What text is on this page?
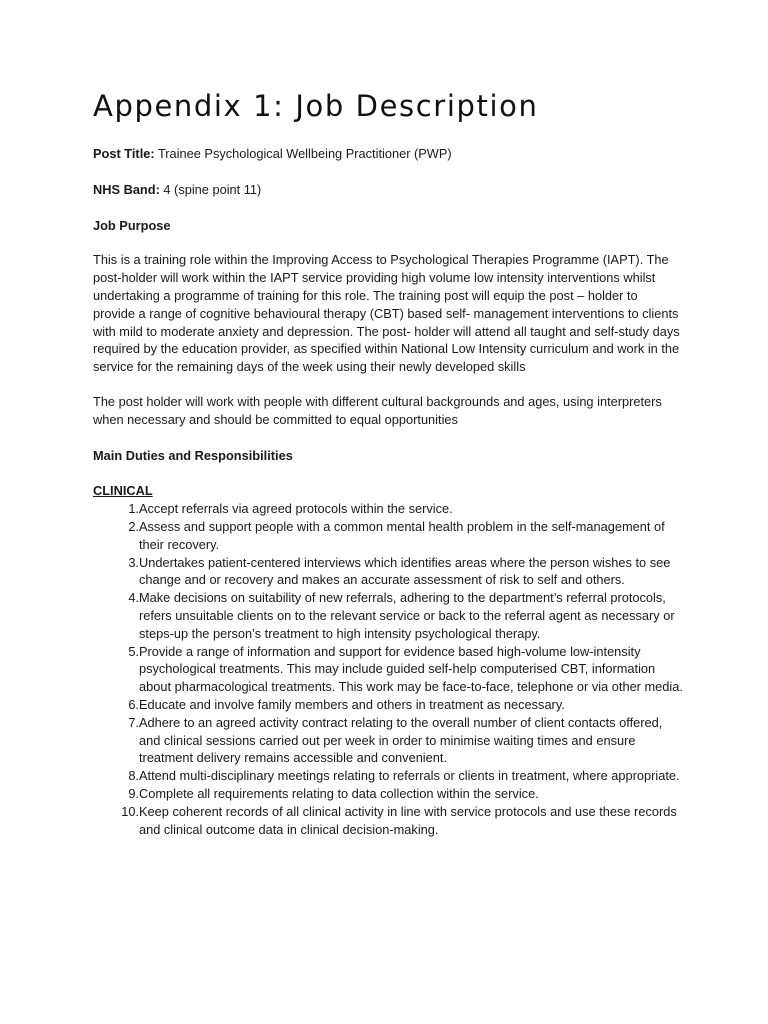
Appendix 1: Job Description

Post Title: Trainee Psychological Wellbeing Practitioner (PWP)

NHS Band: 4 (spine point 11)

Job Purpose

This is a training role within the Improving Access to Psychological Therapies Programme (IAPT). The post-holder will work within the IAPT service providing high volume low intensity interventions whilst undertaking a programme of training for this role. The training post will equip the post – holder to provide a range of cognitive behavioural therapy (CBT) based self- management interventions to clients with mild to moderate anxiety and depression. The post- holder will attend all taught and self-study days required by the education provider, as specified within National Low Intensity curriculum and work in the service for the remaining days of the week using their newly developed skills

The post holder will work with people with different cultural backgrounds and ages, using interpreters when necessary and should be committed to equal opportunities

Main Duties and Responsibilities

CLINICAL

1. Accept referrals via agreed protocols within the service.
2. Assess and support people with a common mental health problem in the self-management of their recovery.
3. Undertakes patient-centered interviews which identifies areas where the person wishes to see change and or recovery and makes an accurate assessment of risk to self and others.
4. Make decisions on suitability of new referrals, adhering to the department’s referral protocols, refers unsuitable clients on to the relevant service or back to the referral agent as necessary or steps-up the person’s treatment to high intensity psychological therapy.
5. Provide a range of information and support for evidence based high-volume low-intensity psychological treatments. This may include guided self-help computerised CBT, information about pharmacological treatments. This work may be face-to-face, telephone or via other media.
6. Educate and involve family members and others in treatment as necessary.
7. Adhere to an agreed activity contract relating to the overall number of client contacts offered, and clinical sessions carried out per week in order to minimise waiting times and ensure treatment delivery remains accessible and convenient.
8. Attend multi-disciplinary meetings relating to referrals or clients in treatment, where appropriate.
9. Complete all requirements relating to data collection within the service.
10. Keep coherent records of all clinical activity in line with service protocols and use these records and clinical outcome data in clinical decision-making.
